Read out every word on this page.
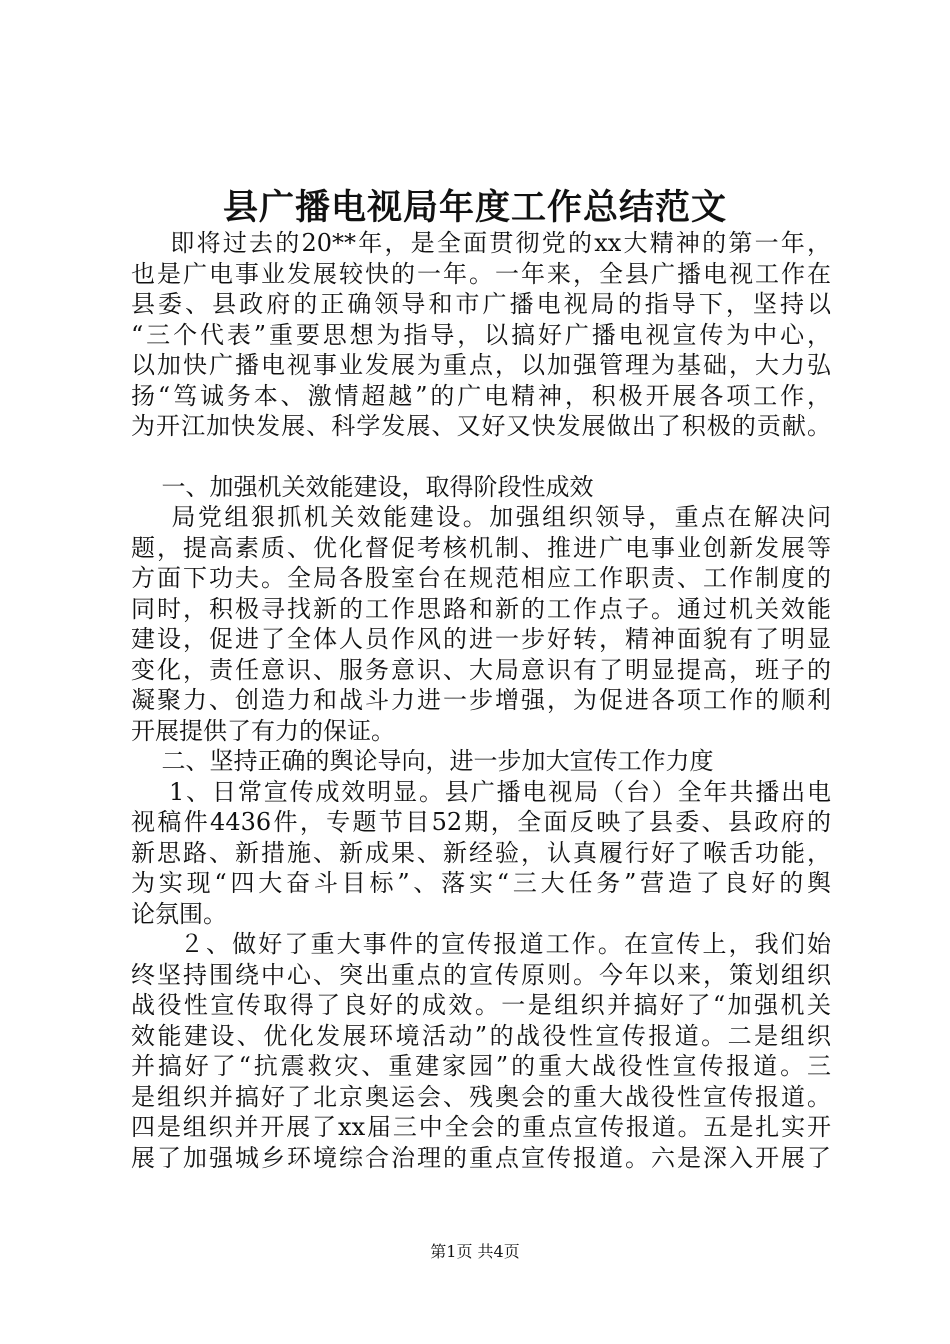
县广播电视局年度工作总结范文
即将过去的20**年，是全面贯彻党的xx大精神的第一年，
也是广电事业发展较快的一年。一年来，全县广播电视工作在
县委、县政府的正确领导和市广播电视局的指导下，坚持以
“三个代表”重要思想为指导，以搞好广播电视宣传为中心，
以加快广播电视事业发展为重点，以加强管理为基础，大力弘
扬“笃诚务本、激情超越”的广电精神，积极开展各项工作，
为开江加快发展、科学发展、又好又快发展做出了积极的贡献。
一、加强机关效能建设，取得阶段性成效
局党组狠抓机关效能建设。加强组织领导，重点在解决问
题，提高素质、优化督促考核机制、推进广电事业创新发展等
方面下功夫。全局各股室台在规范相应工作职责、工作制度的
同时，积极寻找新的工作思路和新的工作点子。通过机关效能
建设，促进了全体人员作风的进一步好转，精神面貌有了明显
变化，责任意识、服务意识、大局意识有了明显提高，班子的
凝聚力、创造力和战斗力进一步增强，为促进各项工作的顺利
开展提供了有力的保证。
二、坚持正确的舆论导向，进一步加大宣传工作力度
1、日常宣传成效明显。县广播电视局（台）全年共播出电
视稿件4436件，专题节目52期，全面反映了县委、县政府的
新思路、新措施、新成果、新经验，认真履行好了喉舌功能，
为实现“四大奋斗目标”、落实“三大任务”营造了良好的舆
论氛围。
２、做好了重大事件的宣传报道工作。在宣传上，我们始
终坚持围绕中心、突出重点的宣传原则。今年以来，策划组织
战役性宣传取得了良好的成效。一是组织并搞好了“加强机关
效能建设、优化发展环境活动”的战役性宣传报道。二是组织
并搞好了“抗震救灾、重建家园”的重大战役性宣传报道。三
是组织并搞好了北京奥运会、残奥会的重大战役性宣传报道。
四是组织并开展了xx届三中全会的重点宣传报道。五是扎实开
展了加强城乡环境综合治理的重点宣传报道。六是深入开展了
第1页 共4页
